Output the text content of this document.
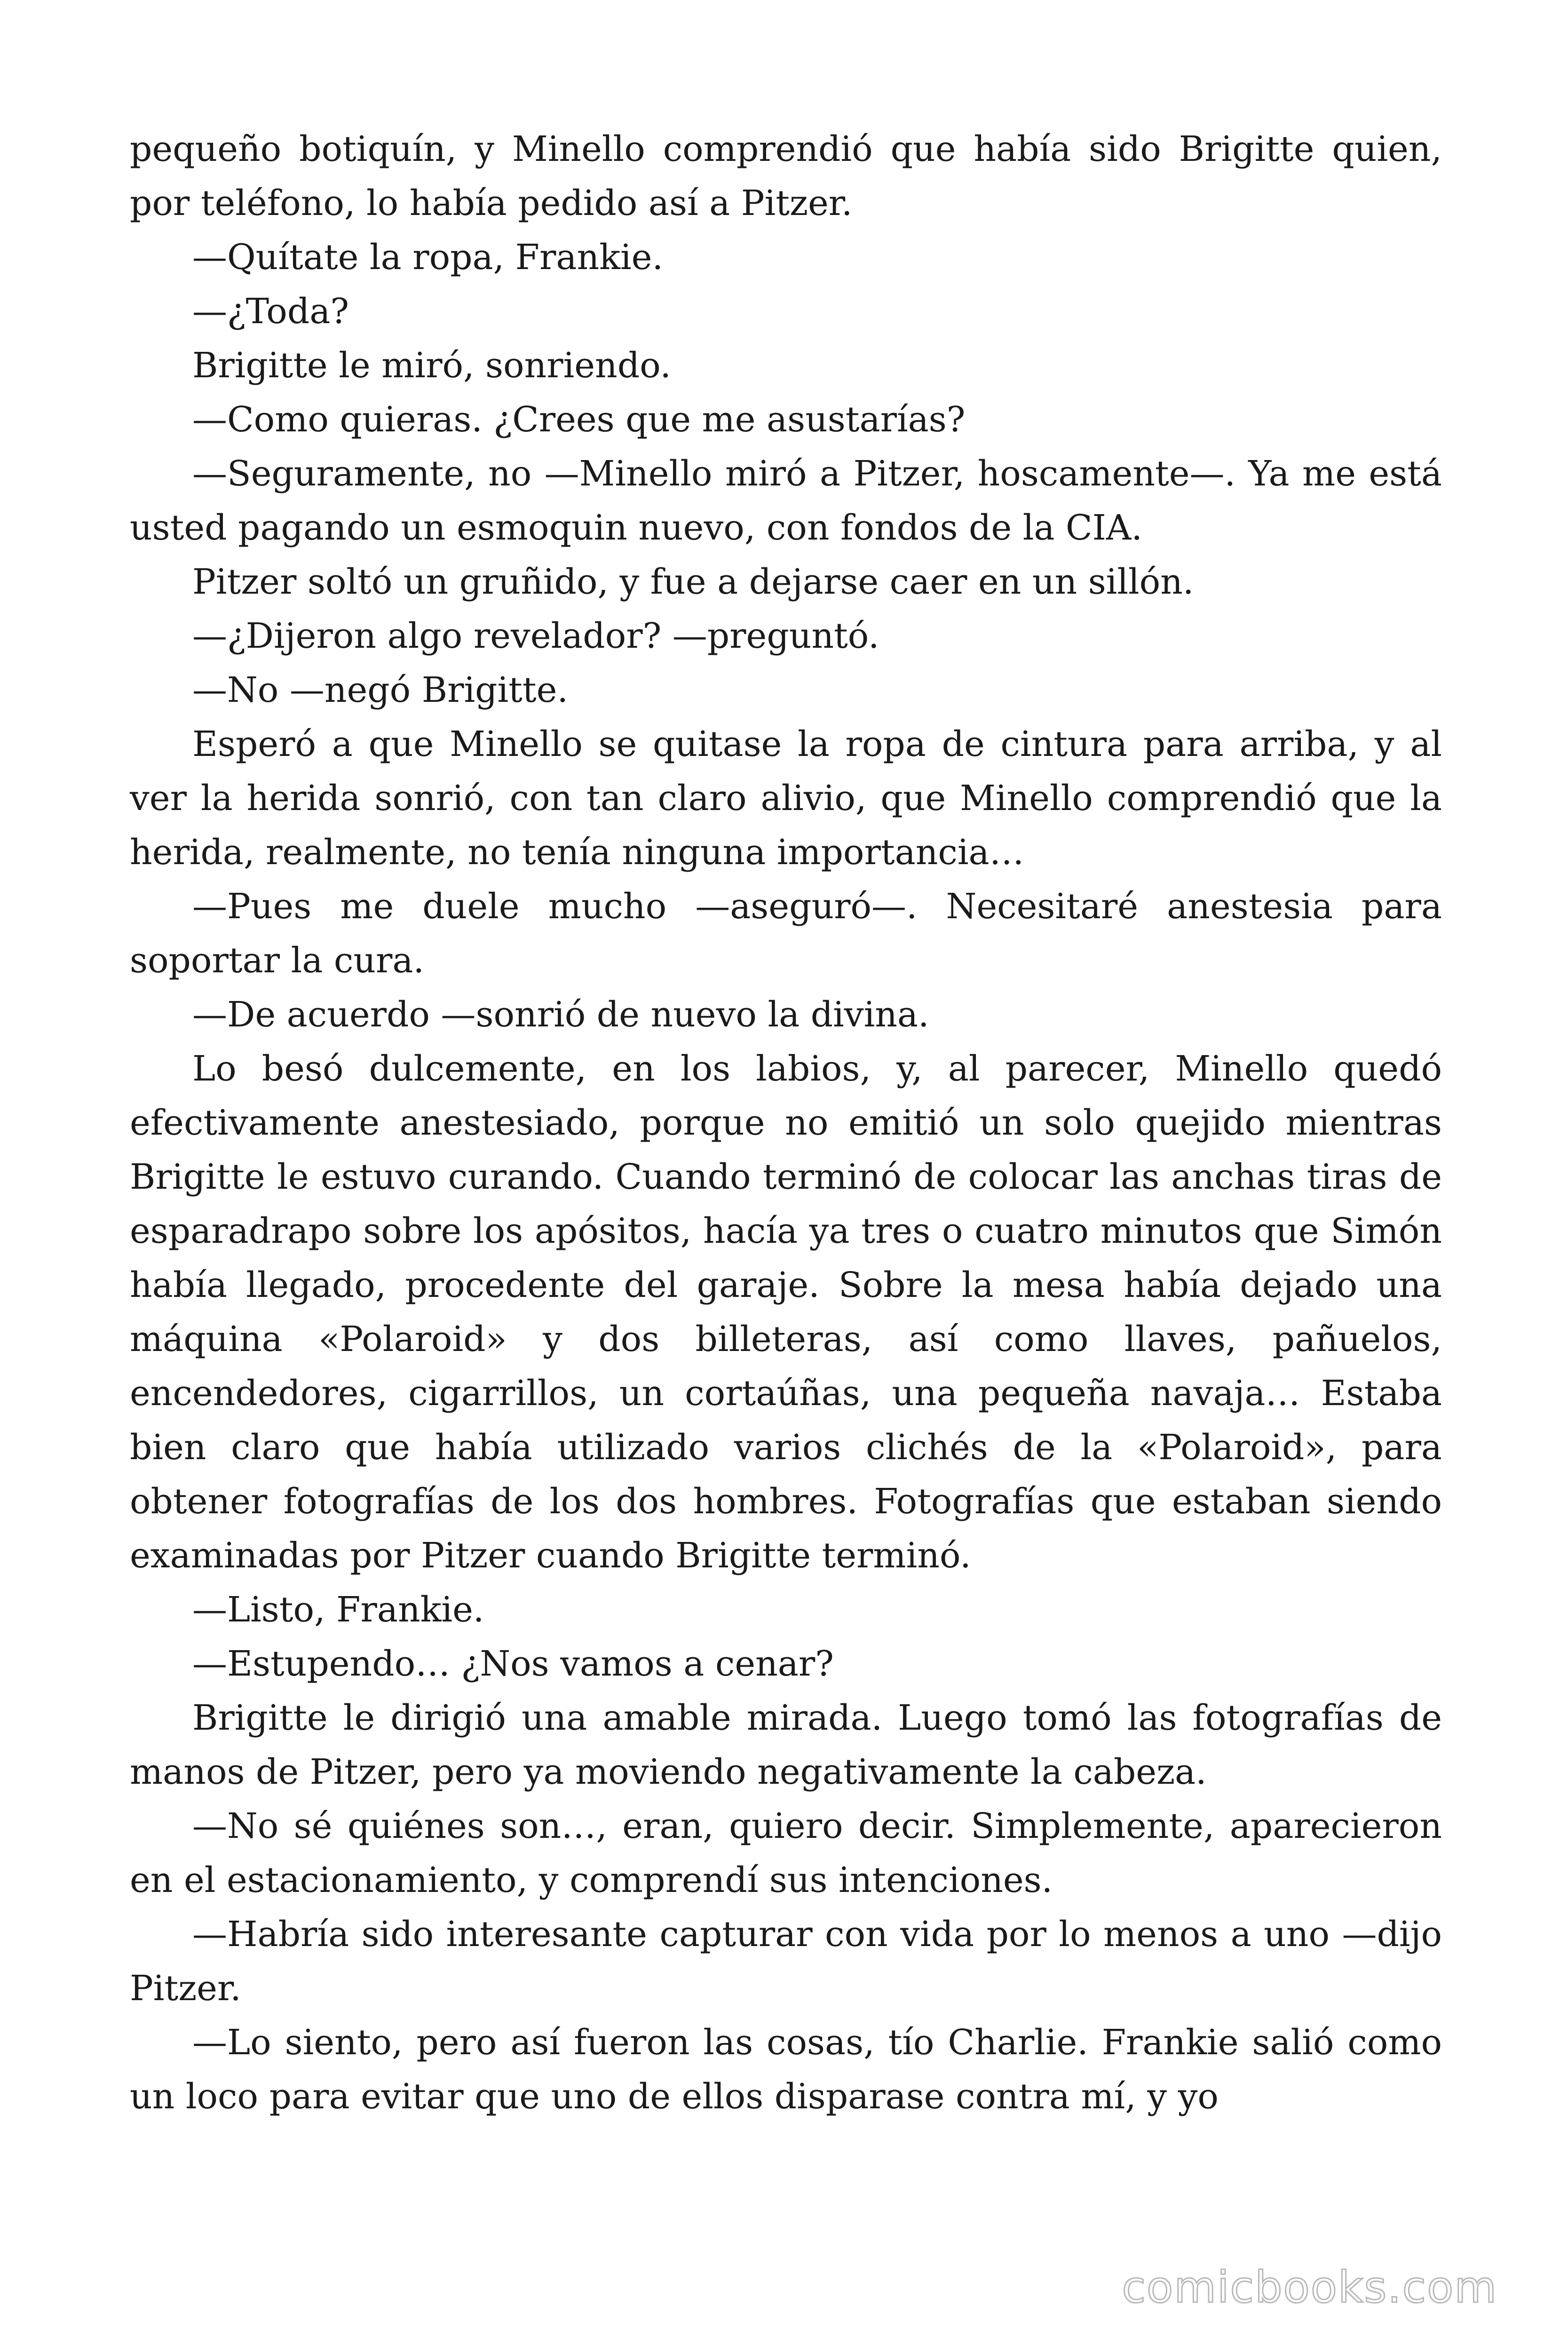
pequeño botiquín, y Minello comprendió que había sido Brigitte quien, por teléfono, lo había pedido así a Pitzer.

—Quítate la ropa, Frankie.

—¿Toda?

Brigitte le miró, sonriendo.

—Como quieras. ¿Crees que me asustarías?

—Seguramente, no —Minello miró a Pitzer, hoscamente—. Ya me está usted pagando un esmoquin nuevo, con fondos de la CIA.

Pitzer soltó un gruñido, y fue a dejarse caer en un sillón.

—¿Dijeron algo revelador? —preguntó.

—No —negó Brigitte.

Esperó a que Minello se quitase la ropa de cintura para arriba, y al ver la herida sonrió, con tan claro alivio, que Minello comprendió que la herida, realmente, no tenía ninguna importancia…

—Pues me duele mucho —aseguró—. Necesitaré anestesia para soportar la cura.

—De acuerdo —sonrió de nuevo la divina.

Lo besó dulcemente, en los labios, y, al parecer, Minello quedó efectivamente anestesiado, porque no emitió un solo quejido mientras Brigitte le estuvo curando. Cuando terminó de colocar las anchas tiras de esparadrapo sobre los apósitos, hacía ya tres o cuatro minutos que Simón había llegado, procedente del garaje. Sobre la mesa había dejado una máquina «Polaroid» y dos billeteras, así como llaves, pañuelos, encendedores, cigarrillos, un cortaúñas, una pequeña navaja… Estaba bien claro que había utilizado varios clichés de la «Polaroid», para obtener fotografías de los dos hombres. Fotografías que estaban siendo examinadas por Pitzer cuando Brigitte terminó.

—Listo, Frankie.

—Estupendo… ¿Nos vamos a cenar?

Brigitte le dirigió una amable mirada. Luego tomó las fotografías de manos de Pitzer, pero ya moviendo negativamente la cabeza.

—No sé quiénes son…, eran, quiero decir. Simplemente, aparecieron en el estacionamiento, y comprendí sus intenciones.

—Habría sido interesante capturar con vida por lo menos a uno —dijo Pitzer.

—Lo siento, pero así fueron las cosas, tío Charlie. Frankie salió como un loco para evitar que uno de ellos disparase contra mí, y yo

comicbooks.com
